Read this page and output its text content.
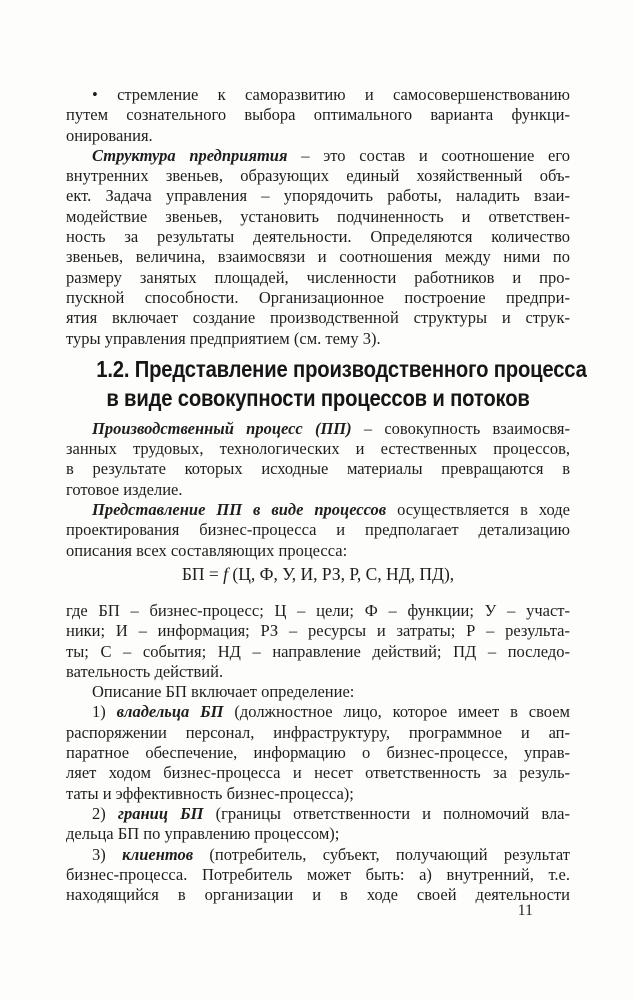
• стремление к саморазвитию и самосовершенствованию
путем сознательного выбора оптимального варианта функци-
онирования.
Структура предприятия – это состав и соотношение его
внутренних звеньев, образующих единый хозяйственный объ-
ект. Задача управления – упорядочить работы, наладить взаи-
модействие звеньев, установить подчиненность и ответствен-
ность за результаты деятельности. Определяются количество
звеньев, величина, взаимосвязи и соотношения между ними по
размеру занятых площадей, численности работников и про-
пускной способности. Организационное построение предпри-
ятия включает создание производственной структуры и струк-
туры управления предприятием (см. тему 3).
1.2. Представление производственного процесса
в виде совокупности процессов и потоков
Производственный процесс (ПП) – совокупность взаимосвя-
занных трудовых, технологических и естественных процессов,
в результате которых исходные материалы превращаются в
готовое изделие.
Представление ПП в виде процессов осуществляется в ходе
проектирования бизнес-процесса и предполагает детализацию
описания всех составляющих процесса:
БП = f (Ц, Ф, У, И, РЗ, Р, С, НД, ПД),
где БП – бизнес-процесс; Ц – цели; Ф – функции; У – участ-
ники; И – информация; РЗ – ресурсы и затраты; Р – результа-
ты; С – события; НД – направление действий; ПД – последо-
вательность действий.
Описание БП включает определение:
1) владельца БП (должностное лицо, которое имеет в своем
распоряжении персонал, инфраструктуру, программное и ап-
паратное обеспечение, информацию о бизнес-процессе, управ-
ляет ходом бизнес-процесса и несет ответственность за резуль-
таты и эффективность бизнес-процесса);
2) границ БП (границы ответственности и полномочий вла-
дельца БП по управлению процессом);
3) клиентов (потребитель, субъект, получающий результат
бизнес-процесса. Потребитель может быть: а) внутренний, т.е.
находящийся в организации и в ходе своей деятельности
11
